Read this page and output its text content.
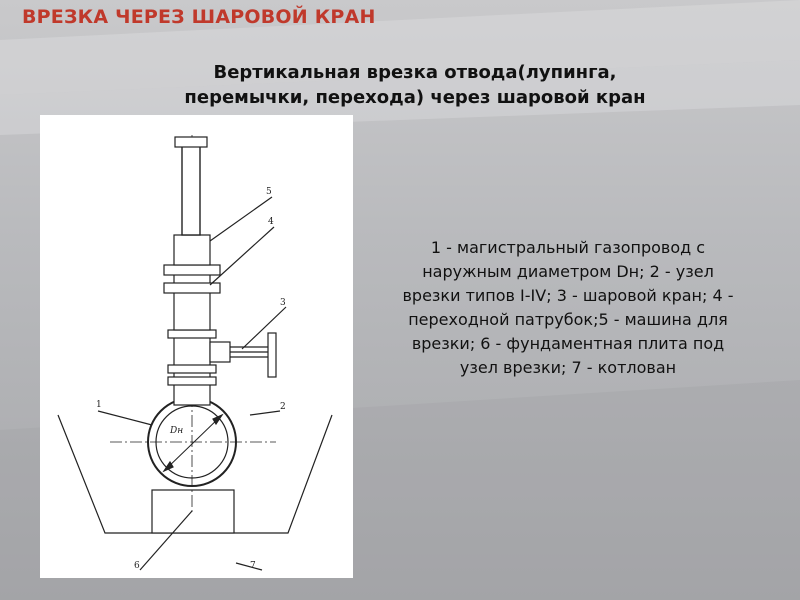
ВРЕЗКА ЧЕРЕЗ ШАРОВОЙ КРАН
Вертикальная врезка отвода(лупинга, перемычки, перехода) через шаровой кран
1	2
3
4
5
6	7
Dн
1 - магистральный газопровод с наружным диаметром Dн; 2 - узел врезки типов I-IV; 3 - шаровой кран; 4 - переходной патрубок;5 - машина для врезки; 6 - фундаментная плита под узел врезки; 7 - котлован
